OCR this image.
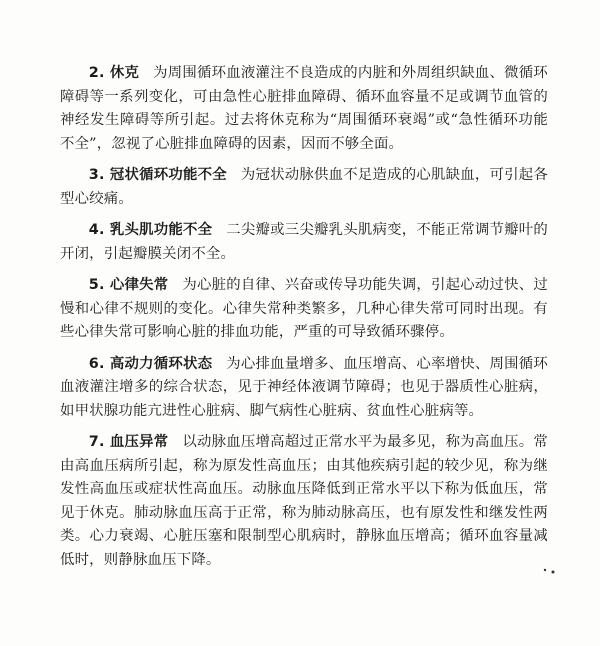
2. 休克 为周围循环血液灌注不良造成的内脏和外周组织缺血、微循环障碍等一系列变化，可由急性心脏排血障碍、循环血容量不足或调节血管的神经发生障碍等所引起。过去将休克称为“周围循环衰竭”或“急性循环功能不全”，忽视了心脏排血障碍的因素，因而不够全面。

3. 冠状循环功能不全 为冠状动脉供血不足造成的心肌缺血，可引起各型心绞痛。

4. 乳头肌功能不全 二尖瓣或三尖瓣乳头肌病变，不能正常调节瓣叶的开闭，引起瓣膜关闭不全。

5. 心律失常 为心脏的自律、兴奋或传导功能失调，引起心动过快、过慢和心律不规则的变化。心律失常种类繁多，几种心律失常可同时出现。有些心律失常可影响心脏的排血功能，严重的可导致循环骤停。

6. 高动力循环状态 为心排血量增多、血压增高、心率增快、周围循环血液灌注增多的综合状态，见于神经体液调节障碍；也见于器质性心脏病，如甲状腺功能亢进性心脏病、脚气病性心脏病、贫血性心脏病等。

7. 血压异常 以动脉血压增高超过正常水平为最多见，称为高血压。常由高血压病所引起，称为原发性高血压；由其他疾病引起的较少见，称为继发性高血压或症状性高血压。动脉血压降低到正常水平以下称为低血压，常见于休克。肺动脉血压高于正常，称为肺动脉高压，也有原发性和继发性两类。心力衰竭、心脏压塞和限制型心肌病时，静脉血压增高；循环血容量减低时，则静脉血压下降。
